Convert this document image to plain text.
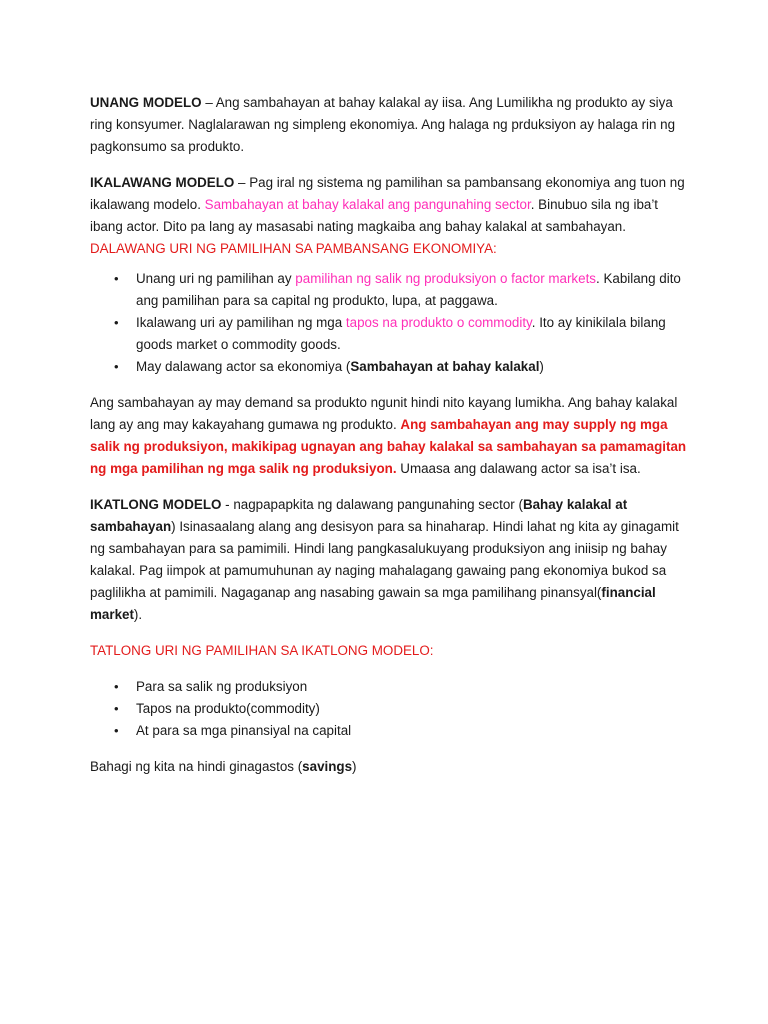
UNANG MODELO – Ang sambahayan at bahay kalakal ay iisa. Ang Lumilikha ng produkto ay siya ring konsyumer. Naglalarawan ng simpleng ekonomiya. Ang halaga ng prduksiyon ay halaga rin ng pagkonsumo sa produkto.

IKALAWANG MODELO – Pag iral ng sistema ng pamilihan sa pambansang ekonomiya ang tuon ng ikalawang modelo. Sambahayan at bahay kalakal ang pangunahing sector. Binubuo sila ng iba’t ibang actor. Dito pa lang ay masasabi nating magkaiba ang bahay kalakal at sambahayan.

DALAWANG URI NG PAMILIHAN SA PAMBANSANG EKONOMIYA:

• Unang uri ng pamilihan ay pamilihan ng salik ng produksiyon o factor markets. Kabilang dito ang pamilihan para sa capital ng produkto, lupa, at paggawa.
• Ikalawang uri ay pamilihan ng mga tapos na produkto o commodity. Ito ay kinikilala bilang goods market o commodity goods.
• May dalawang actor sa ekonomiya (Sambahayan at bahay kalakal)

Ang sambahayan ay may demand sa produkto ngunit hindi nito kayang lumikha. Ang bahay kalakal lang ay ang may kakayahang gumawa ng produkto. Ang sambahayan ang may supply ng mga salik ng produksiyon, makikipag ugnayan ang bahay kalakal sa sambahayan sa pamamagitan ng mga pamilihan ng mga salik ng produksiyon. Umaasa ang dalawang actor sa isa’t isa.

IKATLONG MODELO - nagpapapkita ng dalawang pangunahing sector (Bahay kalakal at sambahayan) Isinasaalang alang ang desisyon para sa hinaharap. Hindi lahat ng kita ay ginagamit ng sambahayan para sa pamimili. Hindi lang pangkasalukuyang produksiyon ang iniisip ng bahay kalakal. Pag iimpok at pamumuhunan ay naging mahalagang gawaing pang ekonomiya bukod sa paglilikha at pamimili. Nagaganap ang nasabing gawain sa mga pamilihang pinansyal(financial market).

TATLONG URI NG PAMILIHAN SA IKATLONG MODELO:

• Para sa salik ng produksiyon
• Tapos na produkto(commodity)
• At para sa mga pinansiyal na capital

Bahagi ng kita na hindi ginagastos (savings)
